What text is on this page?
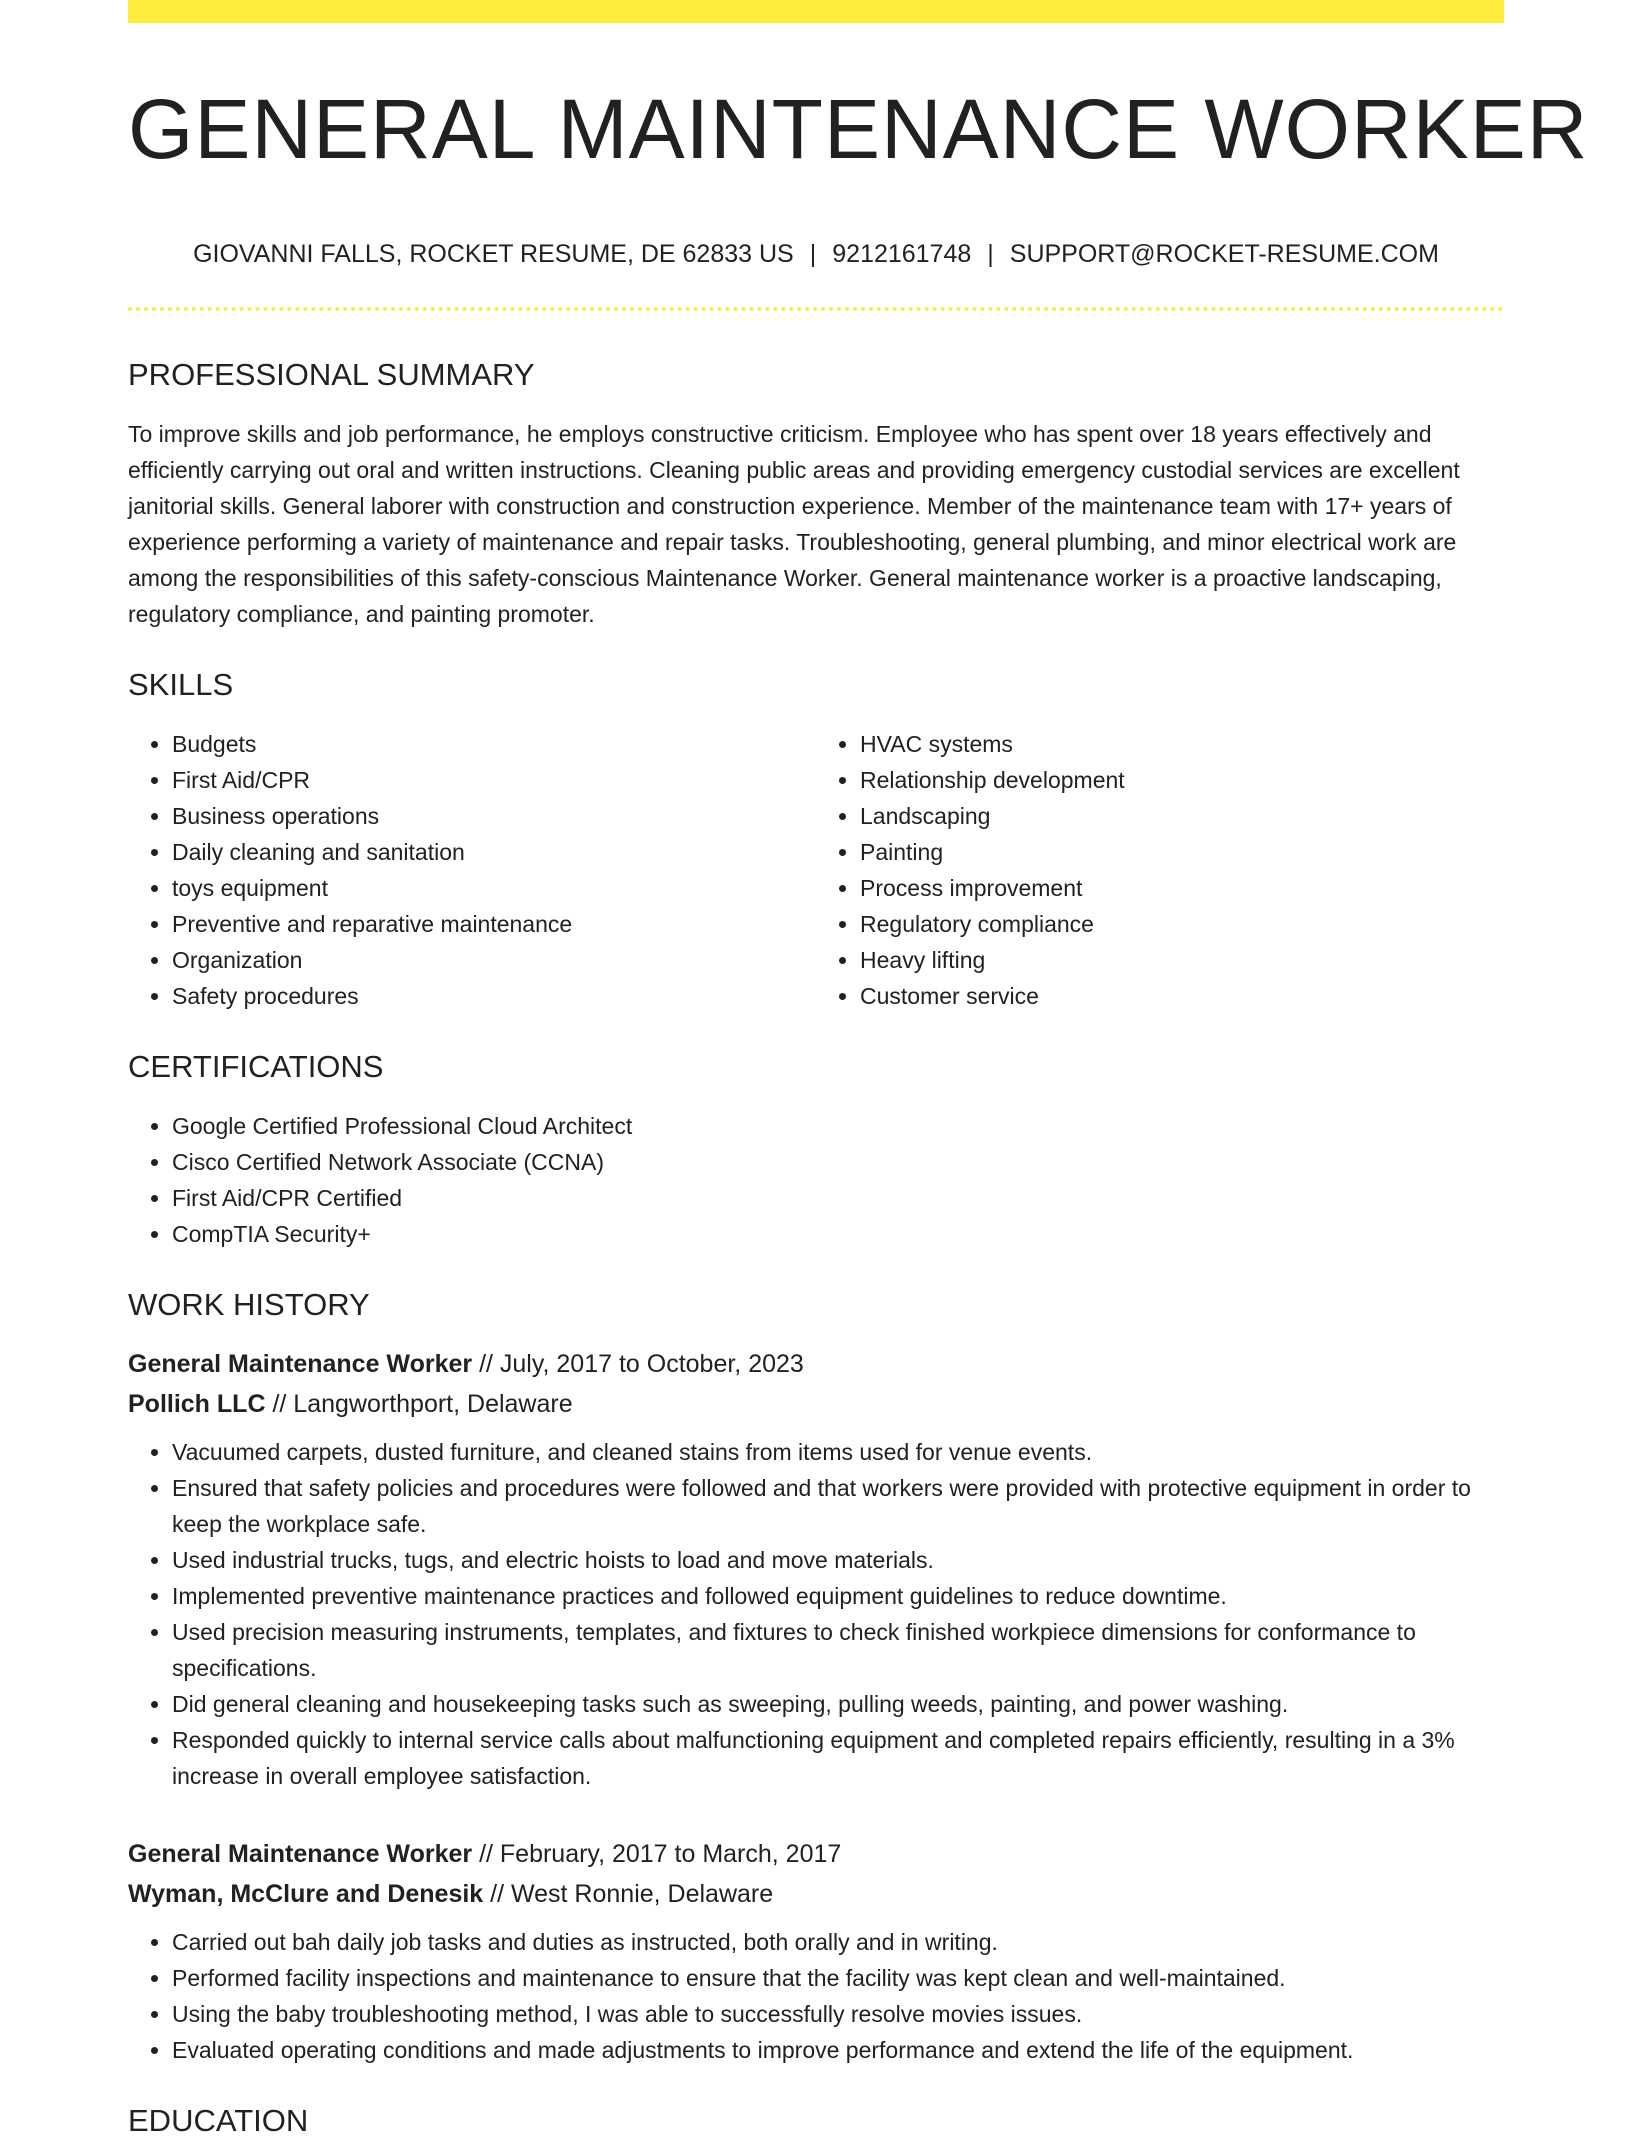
GENERAL MAINTENANCE WORKER
GIOVANNI FALLS, ROCKET RESUME, DE 62833 US | 9212161748 | SUPPORT@ROCKET-RESUME.COM
PROFESSIONAL SUMMARY

To improve skills and job performance, he employs constructive criticism. Employee who has spent over 18 years effectively and efficiently carrying out oral and written instructions. Cleaning public areas and providing emergency custodial services are excellent janitorial skills. General laborer with construction and construction experience. Member of the maintenance team with 17+ years of experience performing a variety of maintenance and repair tasks. Troubleshooting, general plumbing, and minor electrical work are among the responsibilities of this safety-conscious Maintenance Worker. General maintenance worker is a proactive landscaping, regulatory compliance, and painting promoter.

SKILLS
• Budgets
• First Aid/CPR
• Business operations
• Daily cleaning and sanitation
• toys equipment
• Preventive and reparative maintenance
• Organization
• Safety procedures
• HVAC systems
• Relationship development
• Landscaping
• Painting
• Process improvement
• Regulatory compliance
• Heavy lifting
• Customer service
CERTIFICATIONS
• Google Certified Professional Cloud Architect
• Cisco Certified Network Associate (CCNA)
• First Aid/CPR Certified
• CompTIA Security+
WORK HISTORY

General Maintenance Worker // July, 2017 to October, 2023

Pollich LLC // Langworthport, Delaware

• Vacuumed carpets, dusted furniture, and cleaned stains from items used for venue events.
• Ensured that safety policies and procedures were followed and that workers were provided with protective equipment in order to keep the workplace safe.
• Used industrial trucks, tugs, and electric hoists to load and move materials.
• Implemented preventive maintenance practices and followed equipment guidelines to reduce downtime.
• Used precision measuring instruments, templates, and fixtures to check finished workpiece dimensions for conformance to specifications.
• Did general cleaning and housekeeping tasks such as sweeping, pulling weeds, painting, and power washing.
• Responded quickly to internal service calls about malfunctioning equipment and completed repairs efficiently, resulting in a 3% increase in overall employee satisfaction.

General Maintenance Worker // February, 2017 to March, 2017

Wyman, McClure and Denesik // West Ronnie, Delaware

• Carried out bah daily job tasks and duties as instructed, both orally and in writing.
• Performed facility inspections and maintenance to ensure that the facility was kept clean and well-maintained.
• Using the baby troubleshooting method, I was able to successfully resolve movies issues.
• Evaluated operating conditions and made adjustments to improve performance and extend the life of the equipment.
EDUCATION
